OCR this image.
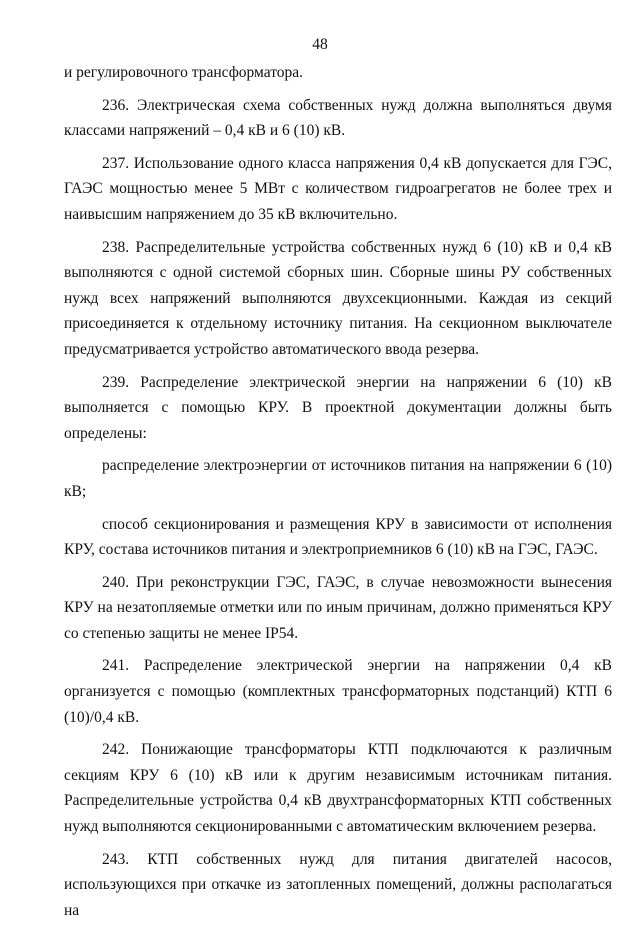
48

и регулировочного трансформатора.

236. Электрическая схема собственных нужд должна выполняться двумя классами напряжений – 0,4 кВ и 6 (10) кВ.

237. Использование одного класса напряжения 0,4 кВ допускается для ГЭС, ГАЭС мощностью менее 5 МВт с количеством гидроагрегатов не более трех и наивысшим напряжением до 35 кВ включительно.

238. Распределительные устройства собственных нужд 6 (10) кВ и 0,4 кВ выполняются с одной системой сборных шин. Сборные шины РУ собственных нужд всех напряжений выполняются двухсекционными. Каждая из секций присоединяется к отдельному источнику питания. На секционном выключателе предусматривается устройство автоматического ввода резерва.

239. Распределение электрической энергии на напряжении 6 (10) кВ выполняется с помощью КРУ. В проектной документации должны быть определены:

распределение электроэнергии от источников питания на напряжении 6 (10) кВ;

способ секционирования и размещения КРУ в зависимости от исполнения КРУ, состава источников питания и электроприемников 6 (10) кВ на ГЭС, ГАЭС.

240. При реконструкции ГЭС, ГАЭС, в случае невозможности вынесения КРУ на незатопляемые отметки или по иным причинам, должно применяться КРУ со степенью защиты не менее IP54.

241. Распределение электрической энергии на напряжении 0,4 кВ организуется с помощью (комплектных трансформаторных подстанций) КТП 6 (10)/0,4 кВ.

242. Понижающие трансформаторы КТП подключаются к различным секциям КРУ 6 (10) кВ или к другим независимым источникам питания. Распределительные устройства 0,4 кВ двухтрансформаторных КТП собственных нужд выполняются секционированными с автоматическим включением резерва.

243. КТП собственных нужд для питания двигателей насосов, использующихся при откачке из затопленных помещений, должны располагаться на
